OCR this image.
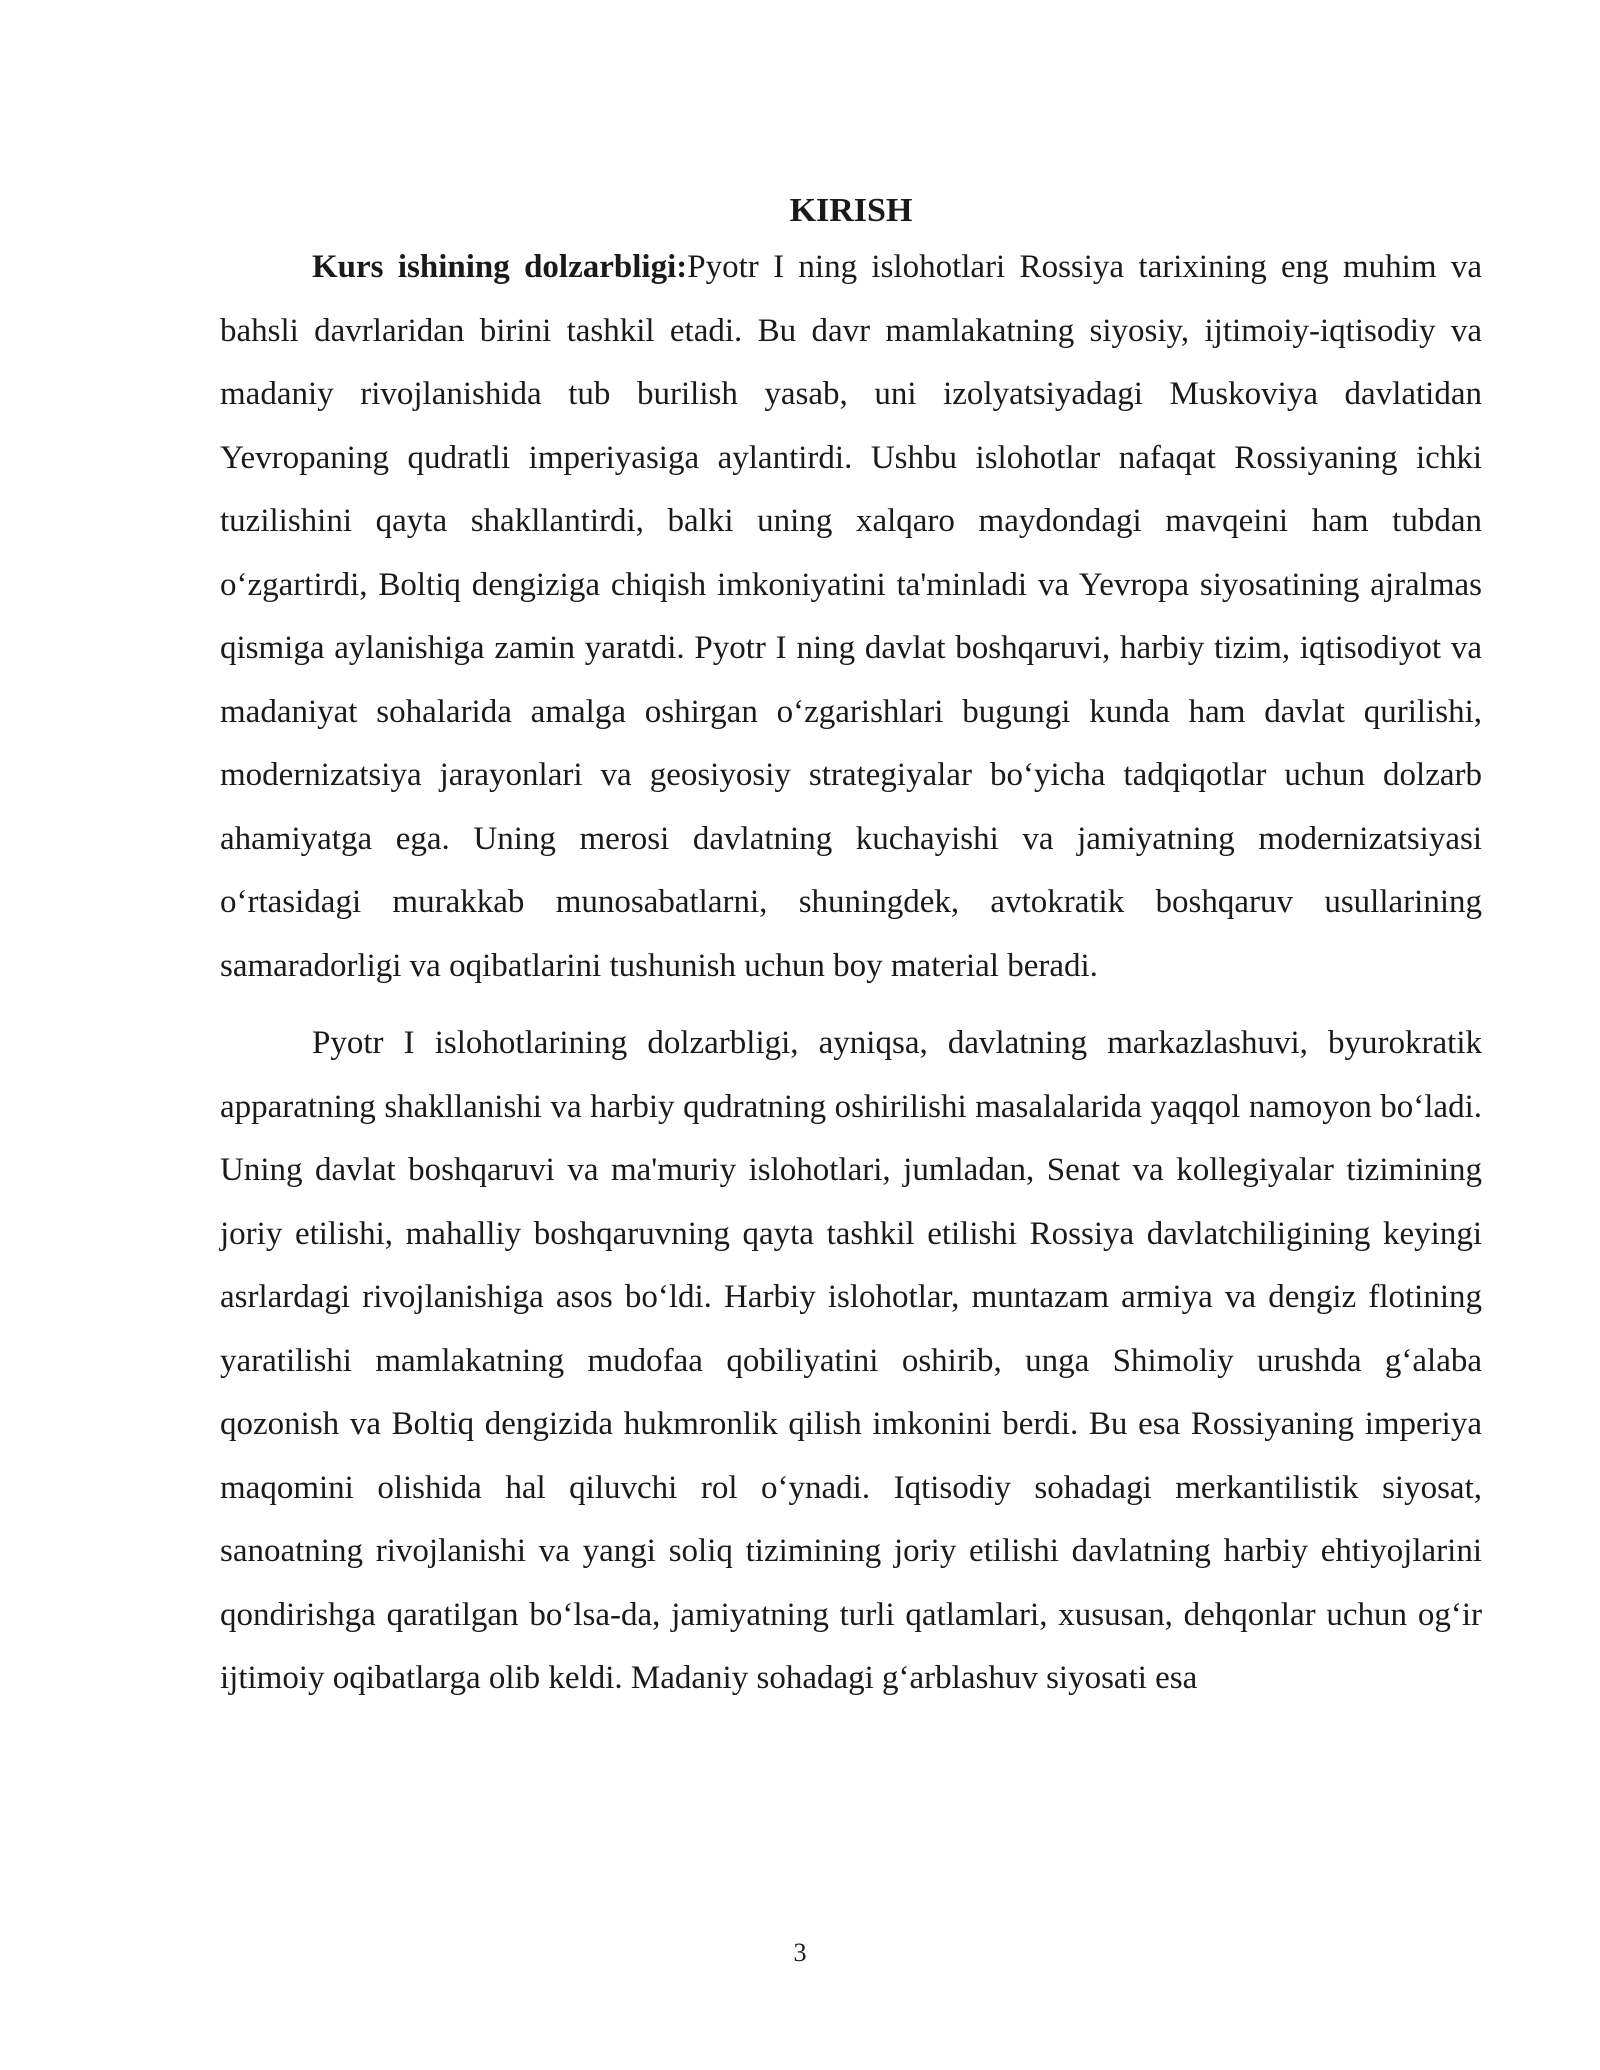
KIRISH

Kurs ishining dolzarbligi:Pyotr I ning islohotlari Rossiya tarixining eng muhim va bahsli davrlaridan birini tashkil etadi. Bu davr mamlakatning siyosiy, ijtimoiy-iqtisodiy va madaniy rivojlanishida tub burilish yasab, uni izolyatsiyadagi Muskoviya davlatidan Yevropaning qudratli imperiyasiga aylantirdi. Ushbu islohotlar nafaqat Rossiyaning ichki tuzilishini qayta shakllantirdi, balki uning xalqaro maydondagi mavqeini ham tubdan o‘zgartirdi, Boltiq dengiziga chiqish imkoniyatini ta'minladi va Yevropa siyosatining ajralmas qismiga aylanishiga zamin yaratdi. Pyotr I ning davlat boshqaruvi, harbiy tizim, iqtisodiyot va madaniyat sohalarida amalga oshirgan o‘zgarishlari bugungi kunda ham davlat qurilishi, modernizatsiya jarayonlari va geosiyosiy strategiyalar bo‘yicha tadqiqotlar uchun dolzarb ahamiyatga ega. Uning merosi davlatning kuchayishi va jamiyatning modernizatsiyasi o‘rtasidagi murakkab munosabatlarni, shuningdek, avtokratik boshqaruv usullarining samaradorligi va oqibatlarini tushunish uchun boy material beradi.

Pyotr I islohotlarining dolzarbligi, ayniqsa, davlatning markazlashuvi, byurokratik apparatning shakllanishi va harbiy qudratning oshirilishi masalalarida yaqqol namoyon bo‘ladi. Uning davlat boshqaruvi va ma'muriy islohotlari, jumladan, Senat va kollegiyalar tizimining joriy etilishi, mahalliy boshqaruvning qayta tashkil etilishi Rossiya davlatchiligining keyingi asrlardagi rivojlanishiga asos bo‘ldi. Harbiy islohotlar, muntazam armiya va dengiz flotining yaratilishi mamlakatning mudofaa qobiliyatini oshirib, unga Shimoliy urushda g‘alaba qozonish va Boltiq dengizida hukmronlik qilish imkonini berdi. Bu esa Rossiyaning imperiya maqomini olishida hal qiluvchi rol o‘ynadi. Iqtisodiy sohadagi merkantilistik siyosat, sanoatning rivojlanishi va yangi soliq tizimining joriy etilishi davlatning harbiy ehtiyojlarini qondirishga qaratilgan bo‘lsa-da, jamiyatning turli qatlamlari, xususan, dehqonlar uchun og‘ir ijtimoiy oqibatlarga olib keldi. Madaniy sohadagi g‘arblashuv siyosati esa

3
